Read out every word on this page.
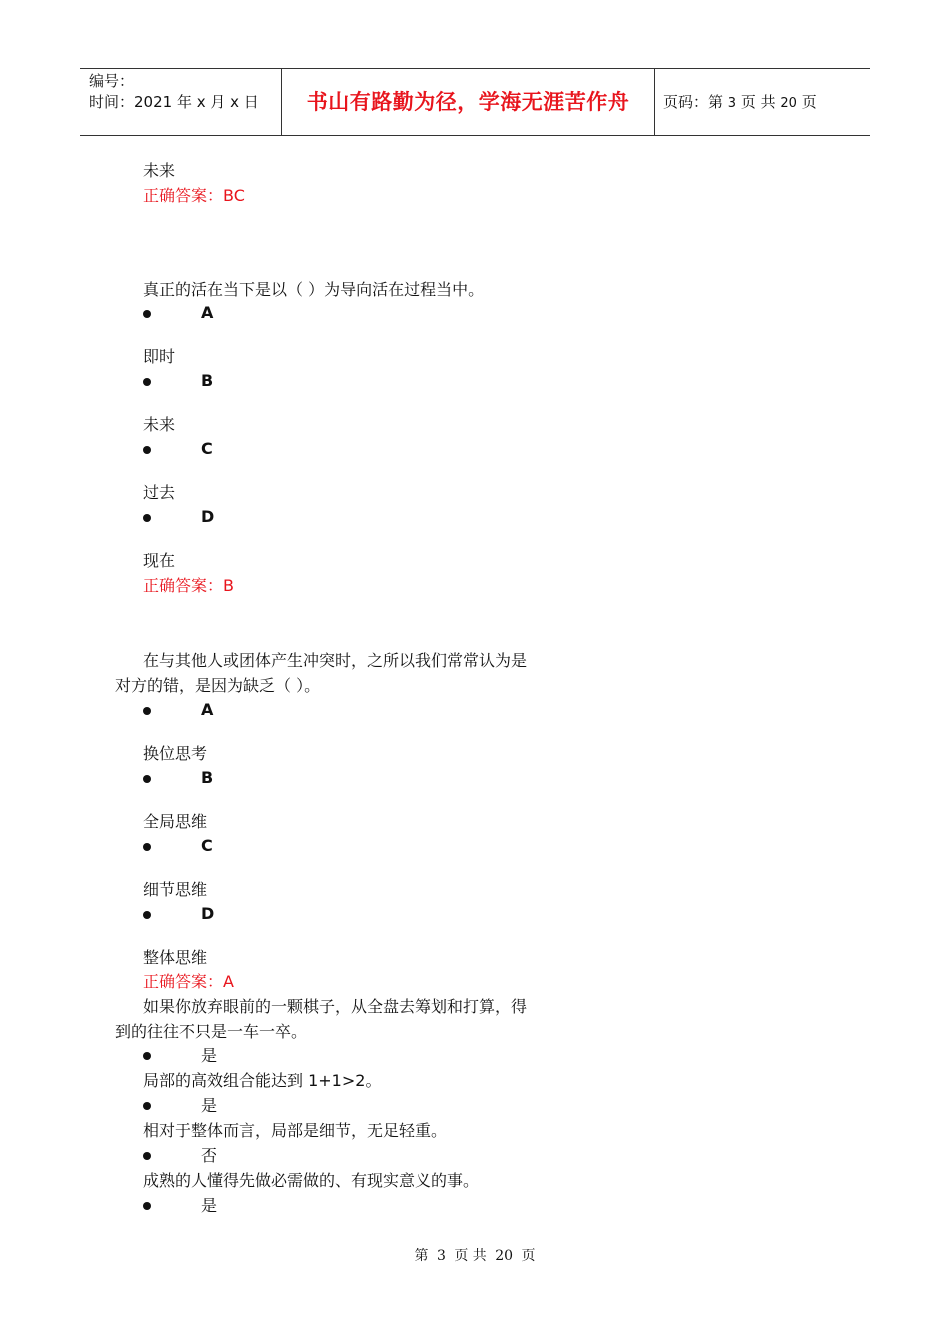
编号：
时间：2021 年 x 月 x 日	书山有路勤为径，学海无涯苦作舟	页码：第 3 页 共 20 页
未来
正确答案：BC
真正的活在当下是以（ ）为导向活在过程当中。
A
即时
B
未来
C
过去
D
现在
正确答案：B
在与其他人或团体产生冲突时，之所以我们常常认为是
对方的错，是因为缺乏（ ）。
A
换位思考
B
全局思维
C
细节思维
D
整体思维
正确答案：A
如果你放弃眼前的一颗棋子，从全盘去筹划和打算，得
到的往往不只是一车一卒。
是
局部的高效组合能达到 1+1>2。
是
相对于整体而言，局部是细节，无足轻重。
否
成熟的人懂得先做必需做的、有现实意义的事。
是
第 3 页 共 20 页
